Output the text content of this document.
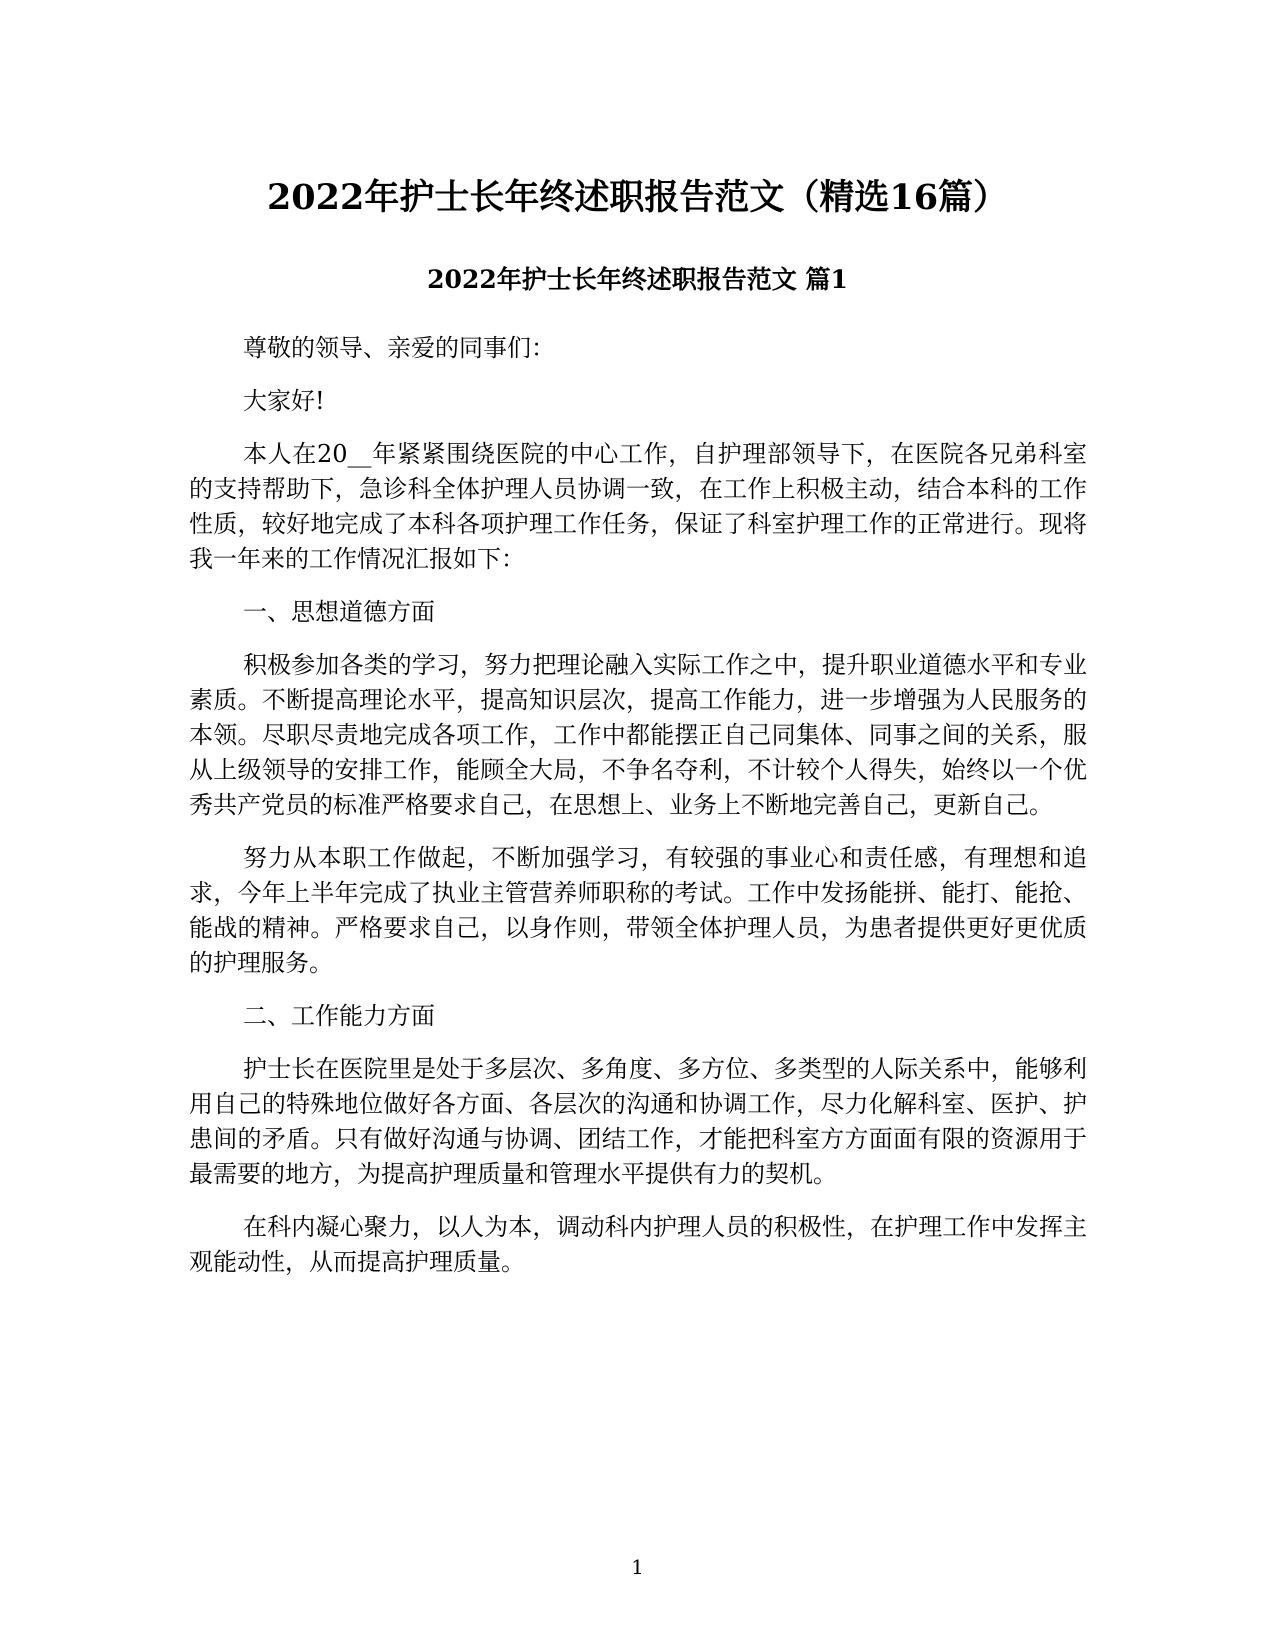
2022年护士长年终述职报告范文（精选16篇）
2022年护士长年终述职报告范文 篇1

尊敬的领导、亲爱的同事们：

大家好!

本人在20__年紧紧围绕医院的中心工作，自护理部领导下，在医院各兄弟科室的支持帮助下，急诊科全体护理人员协调一致，在工作上积极主动，结合本科的工作性质，较好地完成了本科各项护理工作任务，保证了科室护理工作的正常进行。现将我一年来的工作情况汇报如下：

一、思想道德方面

积极参加各类的学习，努力把理论融入实际工作之中，提升职业道德水平和专业素质。不断提高理论水平，提高知识层次，提高工作能力，进一步增强为人民服务的本领。尽职尽责地完成各项工作，工作中都能摆正自己同集体、同事之间的关系，服从上级领导的安排工作，能顾全大局，不争名夺利，不计较个人得失，始终以一个优秀共产党员的标准严格要求自己，在思想上、业务上不断地完善自己，更新自己。

努力从本职工作做起，不断加强学习，有较强的事业心和责任感，有理想和追求，今年上半年完成了执业主管营养师职称的考试。工作中发扬能拼、能打、能抢、能战的精神。严格要求自己，以身作则，带领全体护理人员，为患者提供更好更优质的护理服务。

二、工作能力方面

护士长在医院里是处于多层次、多角度、多方位、多类型的人际关系中，能够利用自己的特殊地位做好各方面、各层次的沟通和协调工作，尽力化解科室、医护、护患间的矛盾。只有做好沟通与协调、团结工作，才能把科室方方面面有限的资源用于最需要的地方，为提高护理质量和管理水平提供有力的契机。

在科内凝心聚力，以人为本，调动科内护理人员的积极性，在护理工作中发挥主观能动性，从而提高护理质量。

1
